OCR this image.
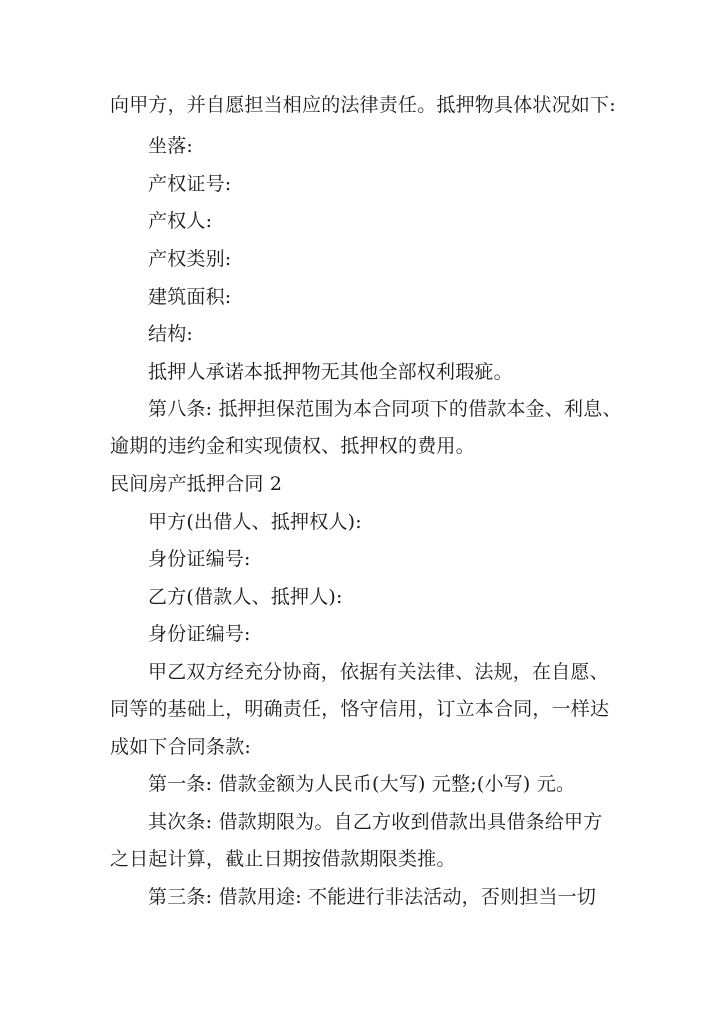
向甲方，并自愿担当相应的法律责任。抵押物具体状况如下:
坐落:
产权证号:
产权人:
产权类别:
建筑面积:
结构:
抵押人承诺本抵押物无其他全部权利瑕疵。
第八条: 抵押担保范围为本合同项下的借款本金、利息、
逾期的违约金和实现债权、抵押权的费用。
民间房产抵押合同 2
甲方(出借人、抵押权人):
身份证编号:
乙方(借款人、抵押人):
身份证编号:
甲乙双方经充分协商，依据有关法律、法规，在自愿、
同等的基础上，明确责任，恪守信用，订立本合同，一样达
成如下合同条款:
第一条: 借款金额为人民币(大写) 元整;(小写) 元。
其次条: 借款期限为。自乙方收到借款出具借条给甲方
之日起计算，截止日期按借款期限类推。
第三条: 借款用途: 不能进行非法活动，否则担当一切
